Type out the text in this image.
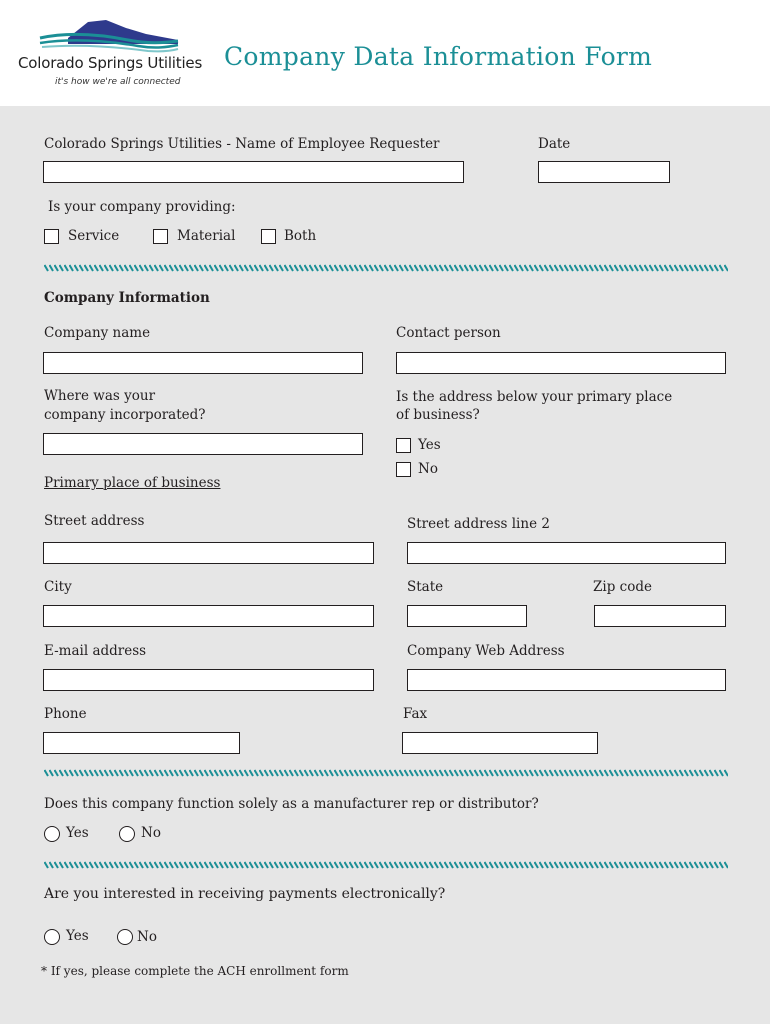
Colorado Springs Utilities
it's how we're all connected
Company Data Information Form
Colorado Springs Utilities - Name of Employee Requester	Date
Is your company providing:
Service	Material	Both
Company Information
Company name	Contact person
Where was your
company incorporated?
Is the address below your primary place
of business?
Yes
No
Primary place of business
Street address	Street address line 2
City	State	Zip code
E-mail address	Company Web Address
Phone	Fax
Does this company function solely as a manufacturer rep or distributor?
Yes	No
Are you interested in receiving payments electronically?
Yes	No
* If yes, please complete the ACH enrollment form
